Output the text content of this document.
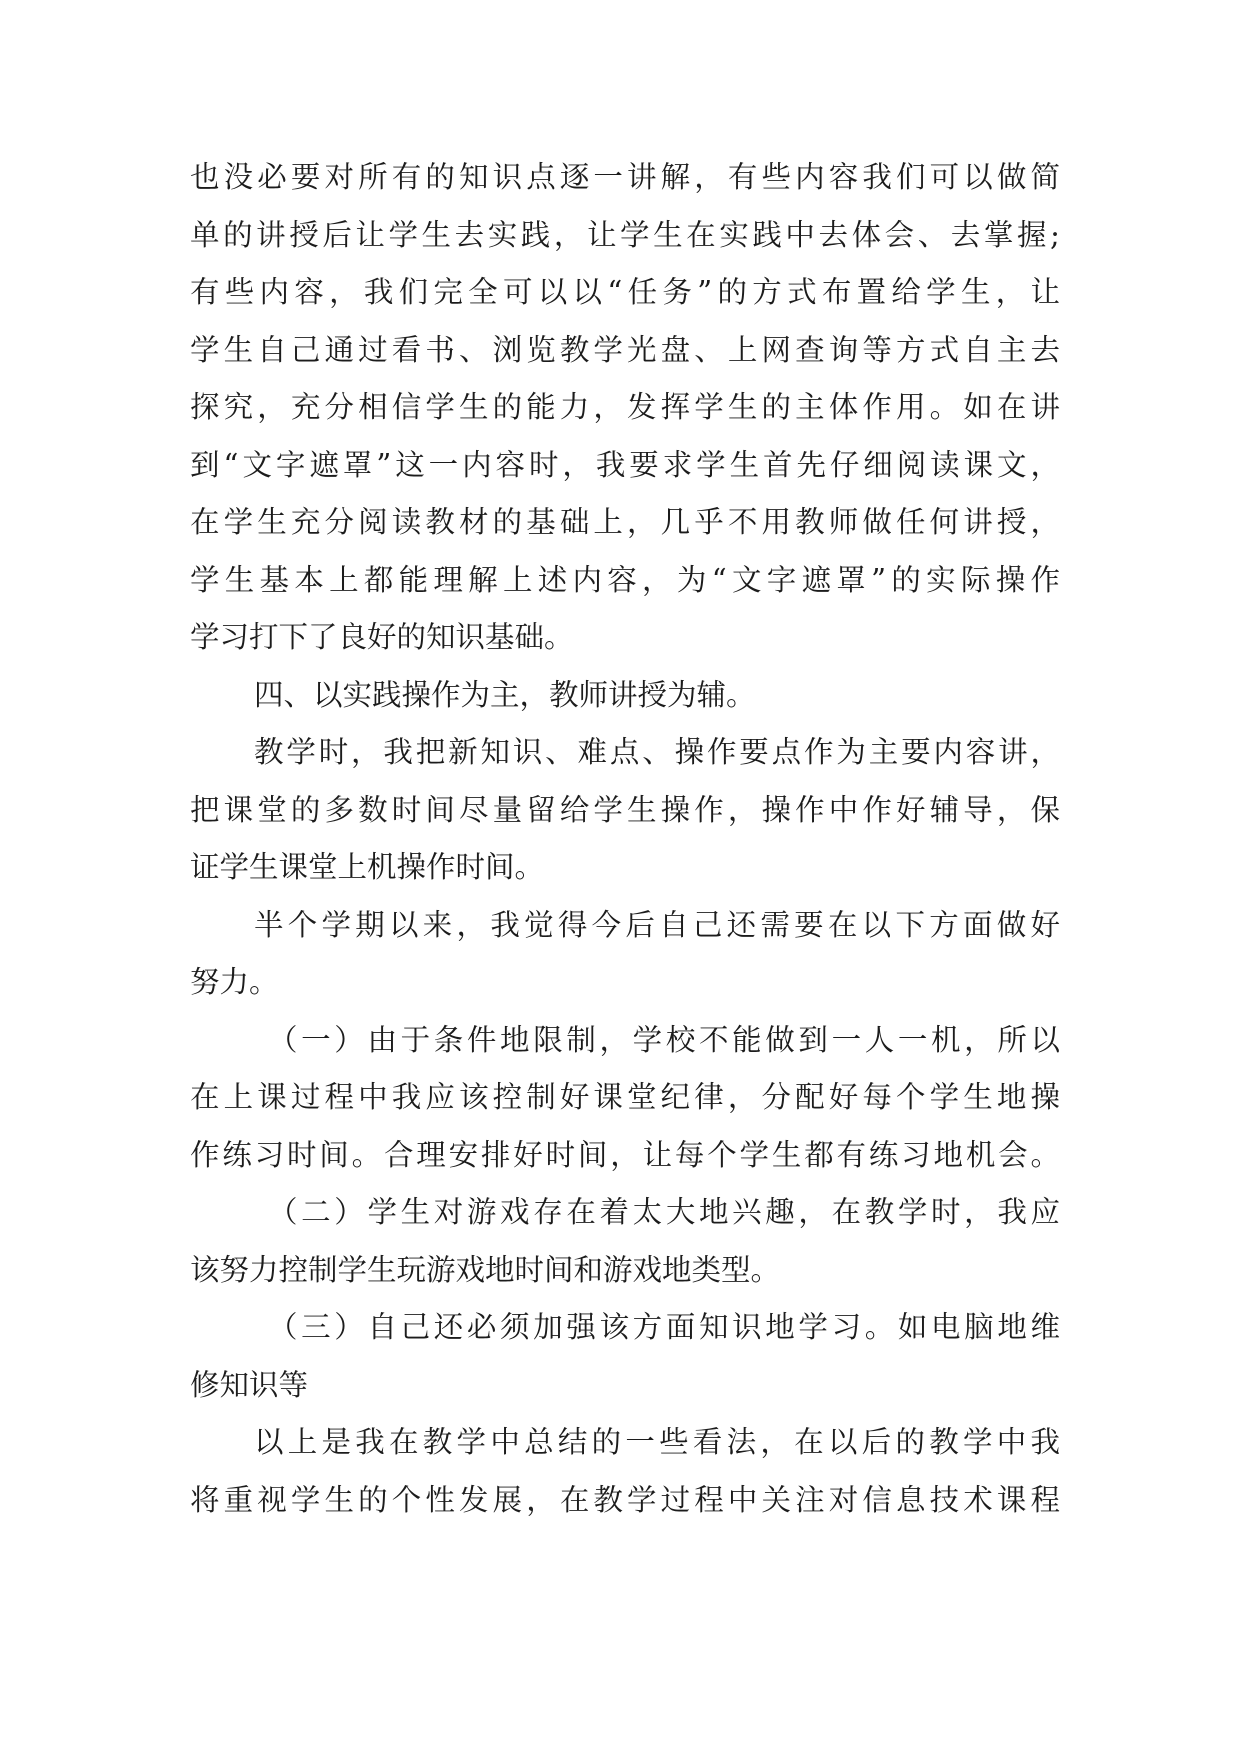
也没必要对所有的知识点逐一讲解，有些内容我们可以做简
单的讲授后让学生去实践，让学生在实践中去体会、去掌握;
有些内容，我们完全可以以“任务”的方式布置给学生，让
学生自己通过看书、浏览教学光盘、上网查询等方式自主去
探究，充分相信学生的能力，发挥学生的主体作用。如在讲
到“文字遮罩”这一内容时，我要求学生首先仔细阅读课文，
在学生充分阅读教材的基础上，几乎不用教师做任何讲授，
学生基本上都能理解上述内容，为“文字遮罩”的实际操作
学习打下了良好的知识基础。
四、以实践操作为主，教师讲授为辅。
教学时，我把新知识、难点、操作要点作为主要内容讲，
把课堂的多数时间尽量留给学生操作，操作中作好辅导，保
证学生课堂上机操作时间。
半个学期以来，我觉得今后自己还需要在以下方面做好
努力。
（一）由于条件地限制，学校不能做到一人一机，所以
在上课过程中我应该控制好课堂纪律，分配好每个学生地操
作练习时间。合理安排好时间，让每个学生都有练习地机会。
（二）学生对游戏存在着太大地兴趣，在教学时，我应
该努力控制学生玩游戏地时间和游戏地类型。
（三）自己还必须加强该方面知识地学习。如电脑地维
修知识等
以上是我在教学中总结的一些看法，在以后的教学中我
将重视学生的个性发展，在教学过程中关注对信息技术课程
